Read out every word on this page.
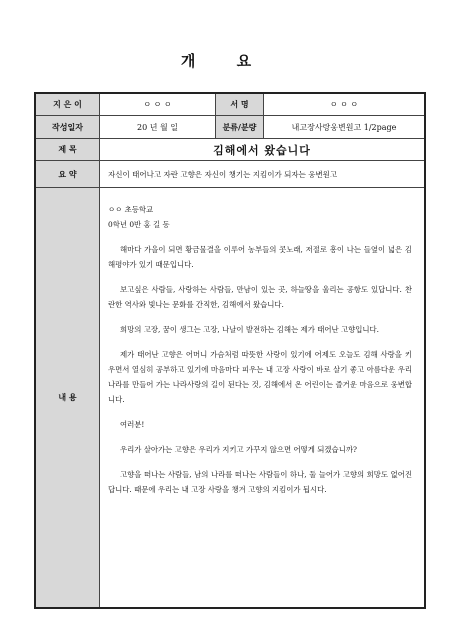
개 요
지 은 이	ㅇ ㅇ ㅇ	서 명	ㅇ ㅇ ㅇ
작성일자	20 년 월 일	분류/분량	내고장사랑웅변원고 1/2page
제 목	김해에서 왔습니다
요 약	자신이 태어나고 자란 고향은 자신이 챙기는 지킴이가 되자는 웅변원고
내 용

ㅇㅇ 초등학교

0학년 0반 홍 길 동

해마다 가을이 되면 황금물결을 이루어 농부들의 콧노래, 저절로 흥이 나는 들옆이 넓은 김해평야가 있기 때문입니다.

보고싶은 사람들, 사랑하는 사람들, 만남이 있는 곳, 하늘땅을 울리는 공항도 있답니다. 찬란한 역사와 빛나는 문화를 간직한, 김해에서 왔습니다.

희망의 고장, 꿈이 생그는 고장, 나날이 발전하는 김해는 제가 태어난 고향입니다.

제가 태어난 고향은 어머니 가슴처럼 따뜻한 사랑이 있기에 어제도 오늘도 김해 사랑을 키우면서 열심히 공부하고 있기에 마음마다 피우는 내 고장 사랑이 바로 살기 좋고 아름다운 우리나라를 만들어 가는 나라사랑의 길이 된다는 것, 김해에서 온 어린이는 즐거운 마음으로 웅변합니다.

여러분!

우리가 살아가는 고향은 우리가 지키고 가꾸지 않으면 어떻게 되겠습니까?

고향을 떠나는 사람들, 남의 나라를 떠나는 사람들이 하나, 둘 늘어가 고향의 희망도 없어진답니다. 때문에 우리는 내 고장 사랑을 챙겨 고향의 지킴이가 됩시다.
